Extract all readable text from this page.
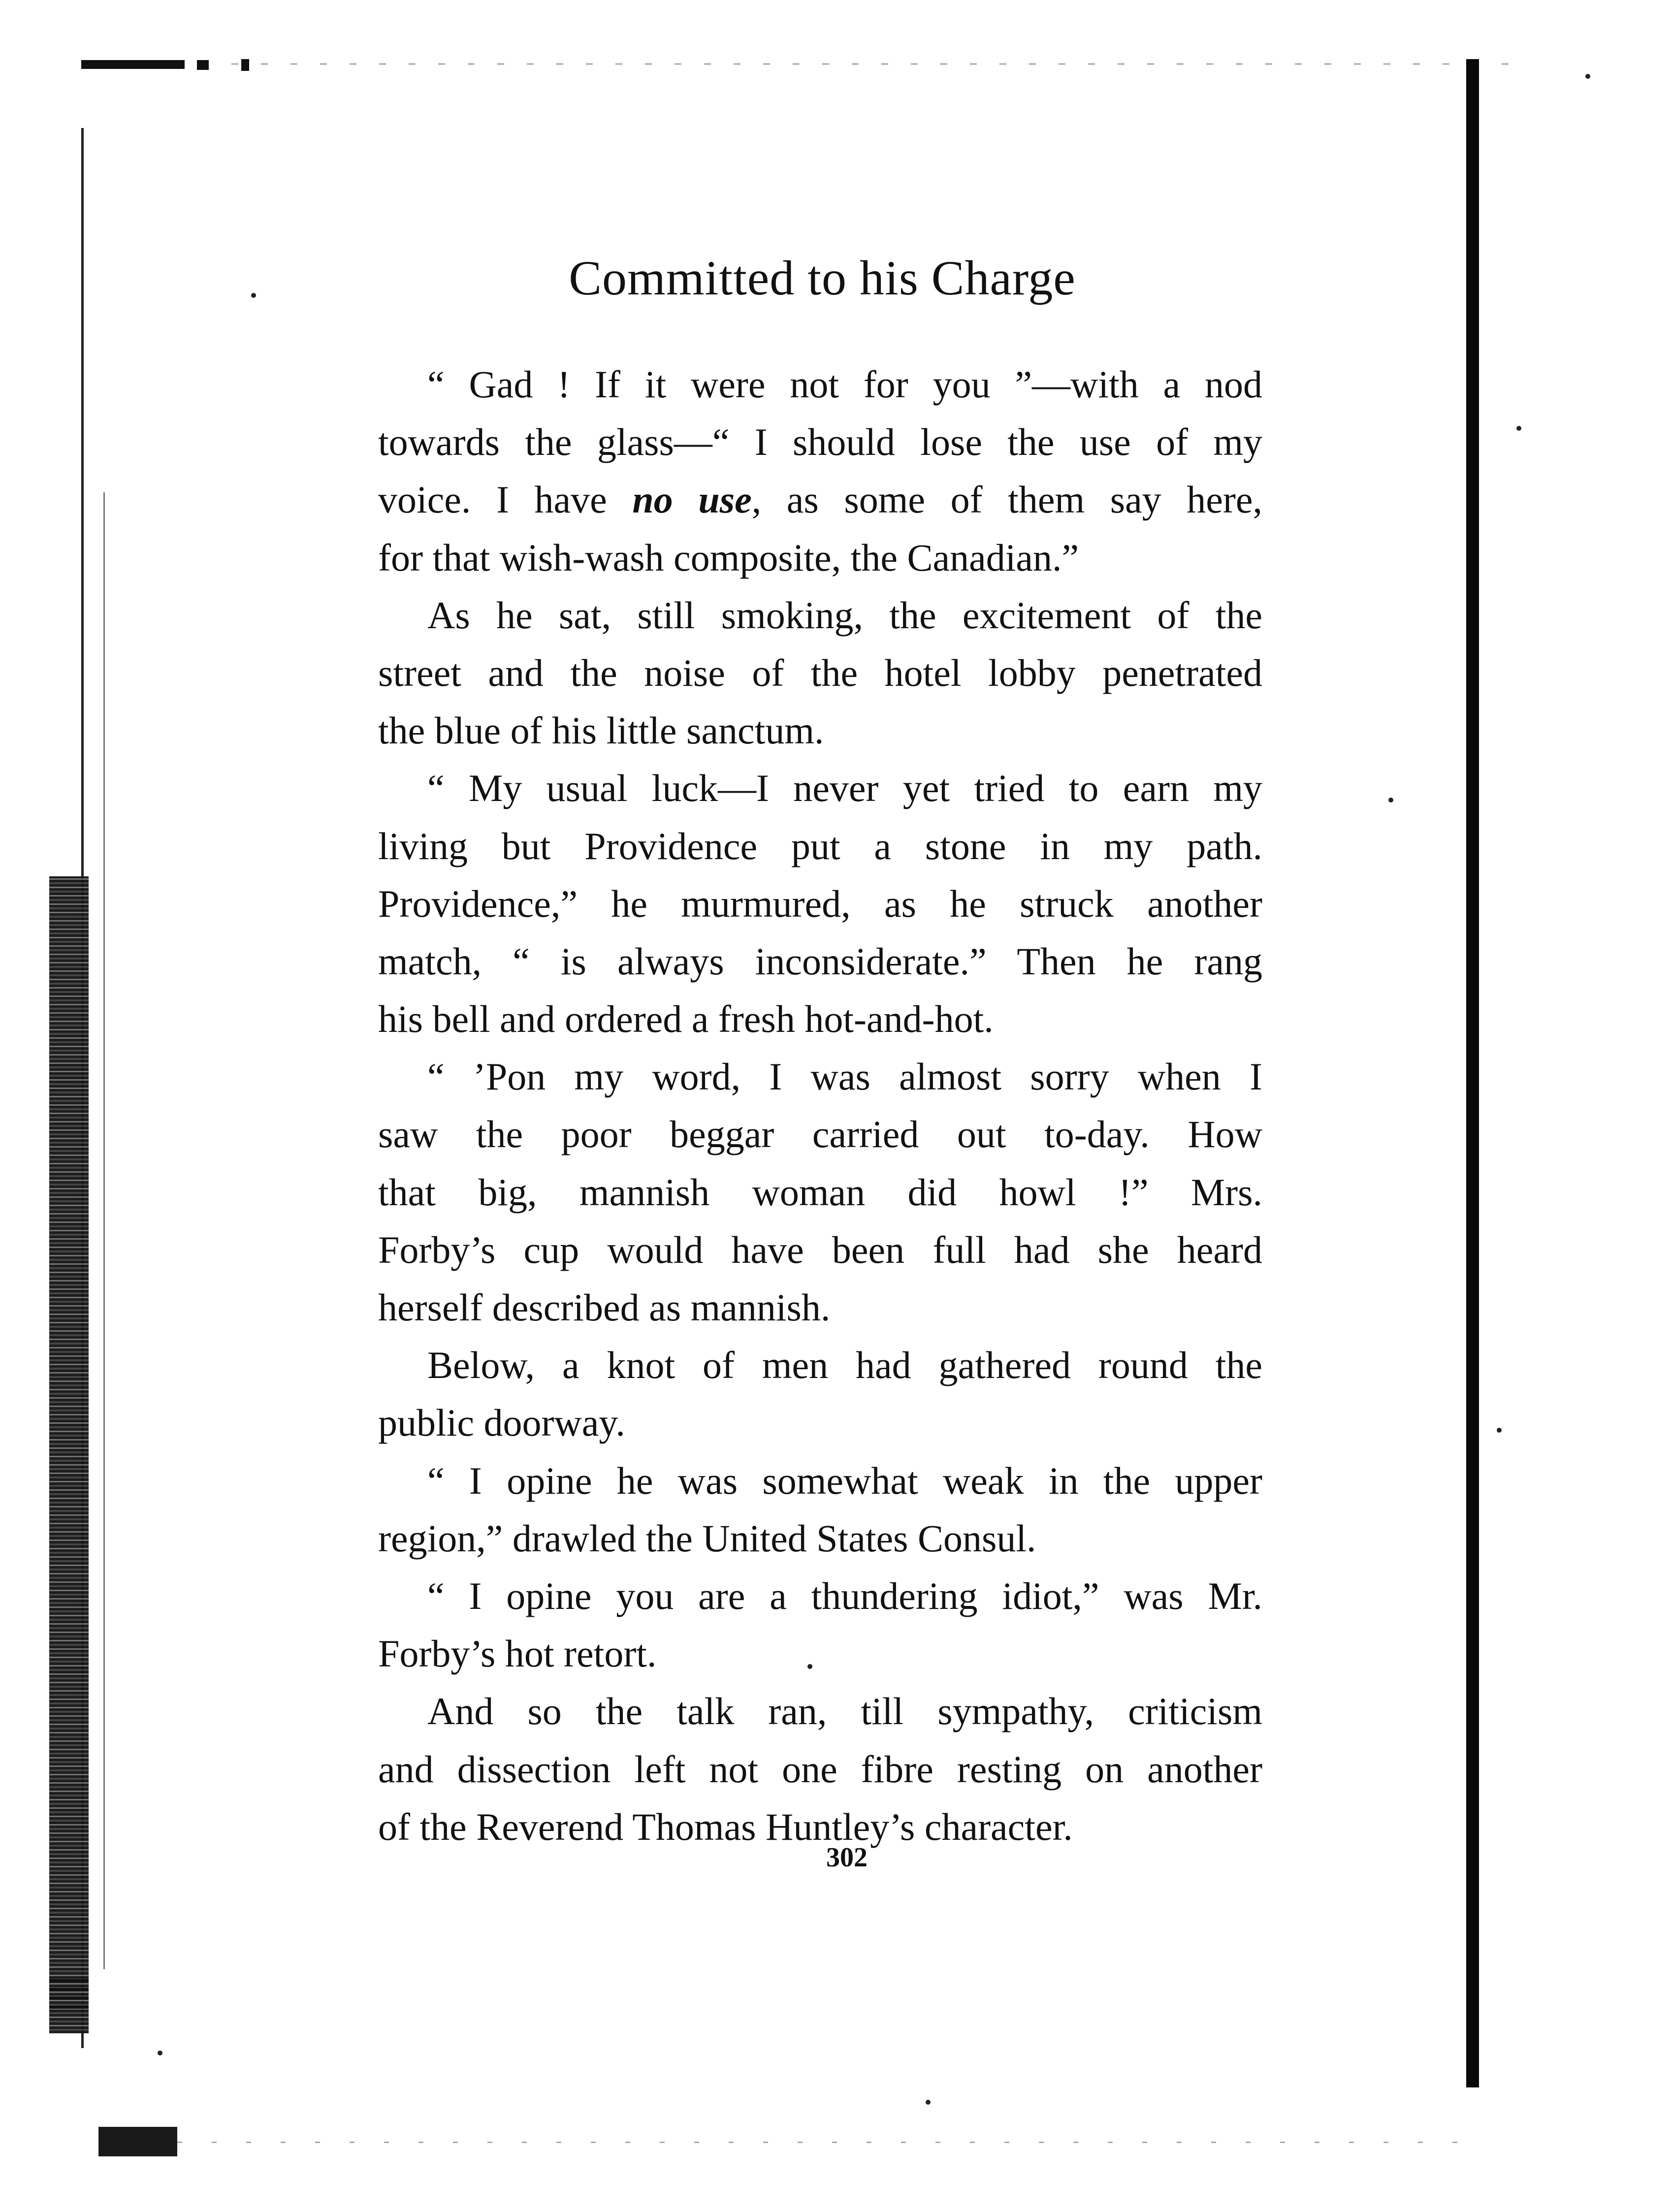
Committed to his Charge
“ Gad ! If it were not for you ”—with a nod
towards the glass—“ I should lose the use of my
voice. I have no use, as some of them say here,
for that wish-wash composite, the Canadian.”
As he sat, still smoking, the excitement of the
street and the noise of the hotel lobby penetrated
the blue of his little sanctum.
“ My usual luck—I never yet tried to earn my
living but Providence put a stone in my path.
Providence,” he murmured, as he struck another
match, “ is always inconsiderate.” Then he rang
his bell and ordered a fresh hot-and-hot.
“ ’Pon my word, I was almost sorry when I
saw the poor beggar carried out to-day. How
that big, mannish woman did howl !” Mrs.
Forby’s cup would have been full had she heard
herself described as mannish.
Below, a knot of men had gathered round the
public doorway.
“ I opine he was somewhat weak in the upper
region,” drawled the United States Consul.
“ I opine you are a thundering idiot,” was Mr.
Forby’s hot retort.
And so the talk ran, till sympathy, criticism
and dissection left not one fibre resting on another
of the Reverend Thomas Huntley’s character.
302
